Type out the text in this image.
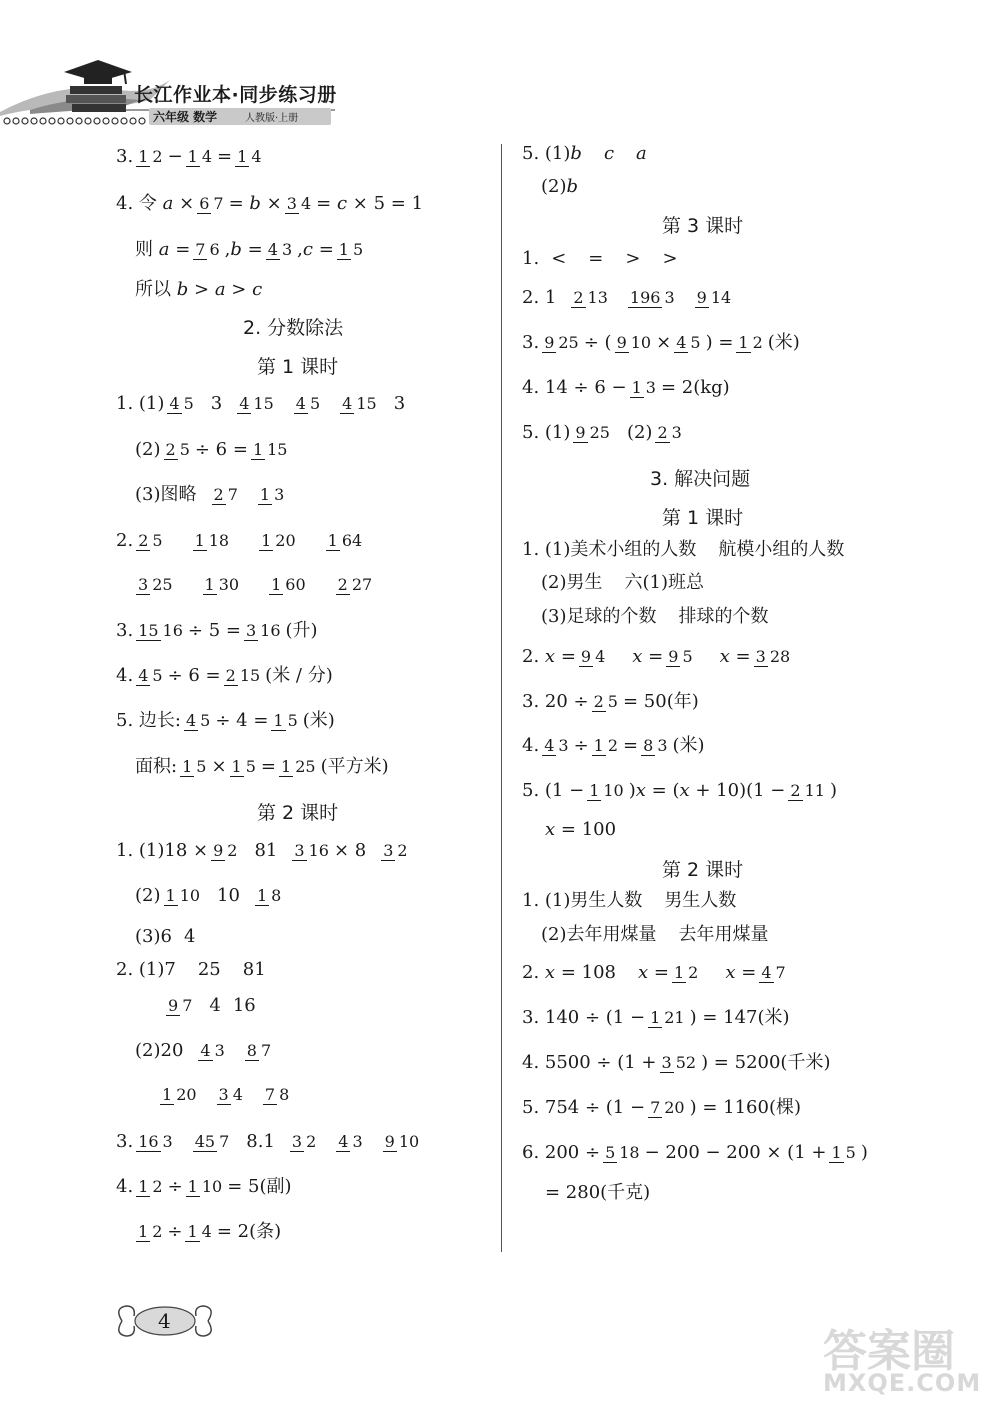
长江作业本·同步练习册
六年级 数学	人教版·上册
3. 1 2 − 1 4 = 1 4
4. 令
a
× 6 7 =
b
× 3 4 =
c
× 5 = 1
则
a
= 7 6 , b
= 4 3 , c
= 1 5
所以
b
>
a
>
c
2. 分数除法
第 1 课时
1. (1) 4 5 3 4 15 4 5 4 15 3
(2) 2 5 ÷ 6 = 1 15
(3)图略 2 7 1 3
2. 2 5 1 18 1 20 1 64
3 25 1 30 1 60 2 27
3. 15 16 ÷ 5 = 3 16 (升)
4. 4 5 ÷ 6 = 2 15 (米 / 分)
5. 边长: 4 5 ÷ 4 = 1 5 (米)
面积: 1 5 × 1 5 = 1 25 (平方米)
第 2 课时
1. (1)18 × 9 2 81 3 16 × 8 3 2
(2) 1 10 10 1 8
(3)6 4
2. (1)7 25 81
9 7 4 16
(2)20 4 3 8 7
1 20 3 4 7 8
3. 16 3 45 7 8.1 3 2 4 3 9 10
4. 1 2 ÷ 1 10 = 5(副)
1 2 ÷ 1 4 = 2(条)
5. (1) b c a
(2) b
第 3 课时
1. < = > >
2. 1 2 13 196 3 9 14
3. 9 25 ÷ ( 9 10 × 4 5 ) = 1 2 (米)
4. 14 ÷ 6 − 1 3 = 2(kg)
5. (1) 9 25 (2) 2 3
3. 解决问题
第 1 课时
1. (1)美术小组的人数 航模小组的人数
(2)男生 六(1)班总
(3)足球的个数 排球的个数
2.
x
= 9 4 x
= 9 5 x
= 3 28
3. 20 ÷ 2 5 = 50(年)
4. 4 3 ÷ 1 2 = 8 3 (米)
5. (1 − 1 10 ) x
= ( x
+ 10)(1 − 2 11 )
x
= 100
第 2 课时
1. (1)男生人数 男生人数
(2)去年用煤量 去年用煤量
2.
x
= 108 x
= 1 2 x
= 4 7
3. 140 ÷ (1 − 1 21 ) = 147(米)
4. 5500 ÷ (1 + 3 52 ) = 5200(千米)
5. 754 ÷ (1 − 7 20 ) = 1160(棵)
6. 200 ÷ 5 18 − 200 − 200 × (1 + 1 5 )
= 280(千克)
4
答案圈
MXQE.COM
